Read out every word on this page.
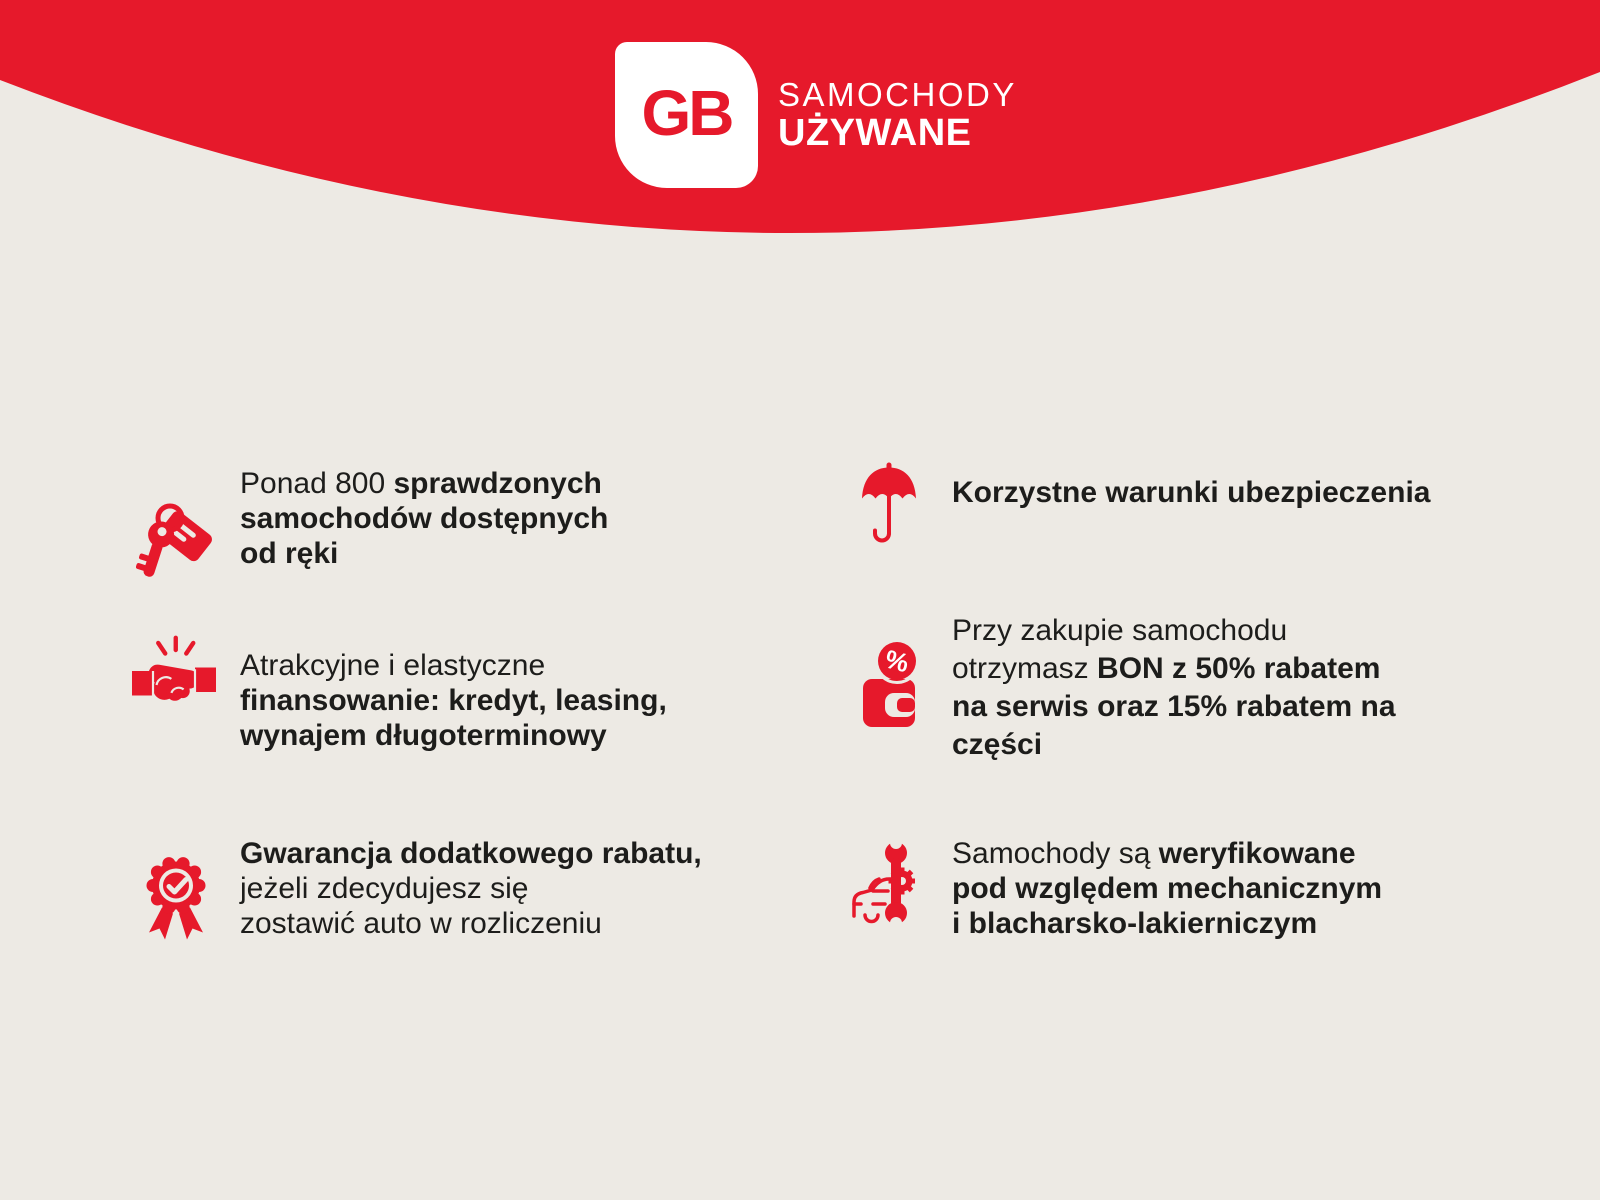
GB SAMOCHODY
UŻYWANE

Ponad 800 sprawdzonych
samochodów dostępnych
od ręki

Atrakcyjne i elastyczne
finansowanie: kredyt, leasing,
wynajem długoterminowy

Gwarancja dodatkowego rabatu,
jeżeli zdecydujesz się
zostawić auto w rozliczeniu

Korzystne warunki ubezpieczenia

%

Przy zakupie samochodu
otrzymasz BON z 50% rabatem
na serwis oraz 15% rabatem na
części

Samochody są weryfikowane
pod względem mechanicznym
i blacharsko-lakierniczym
